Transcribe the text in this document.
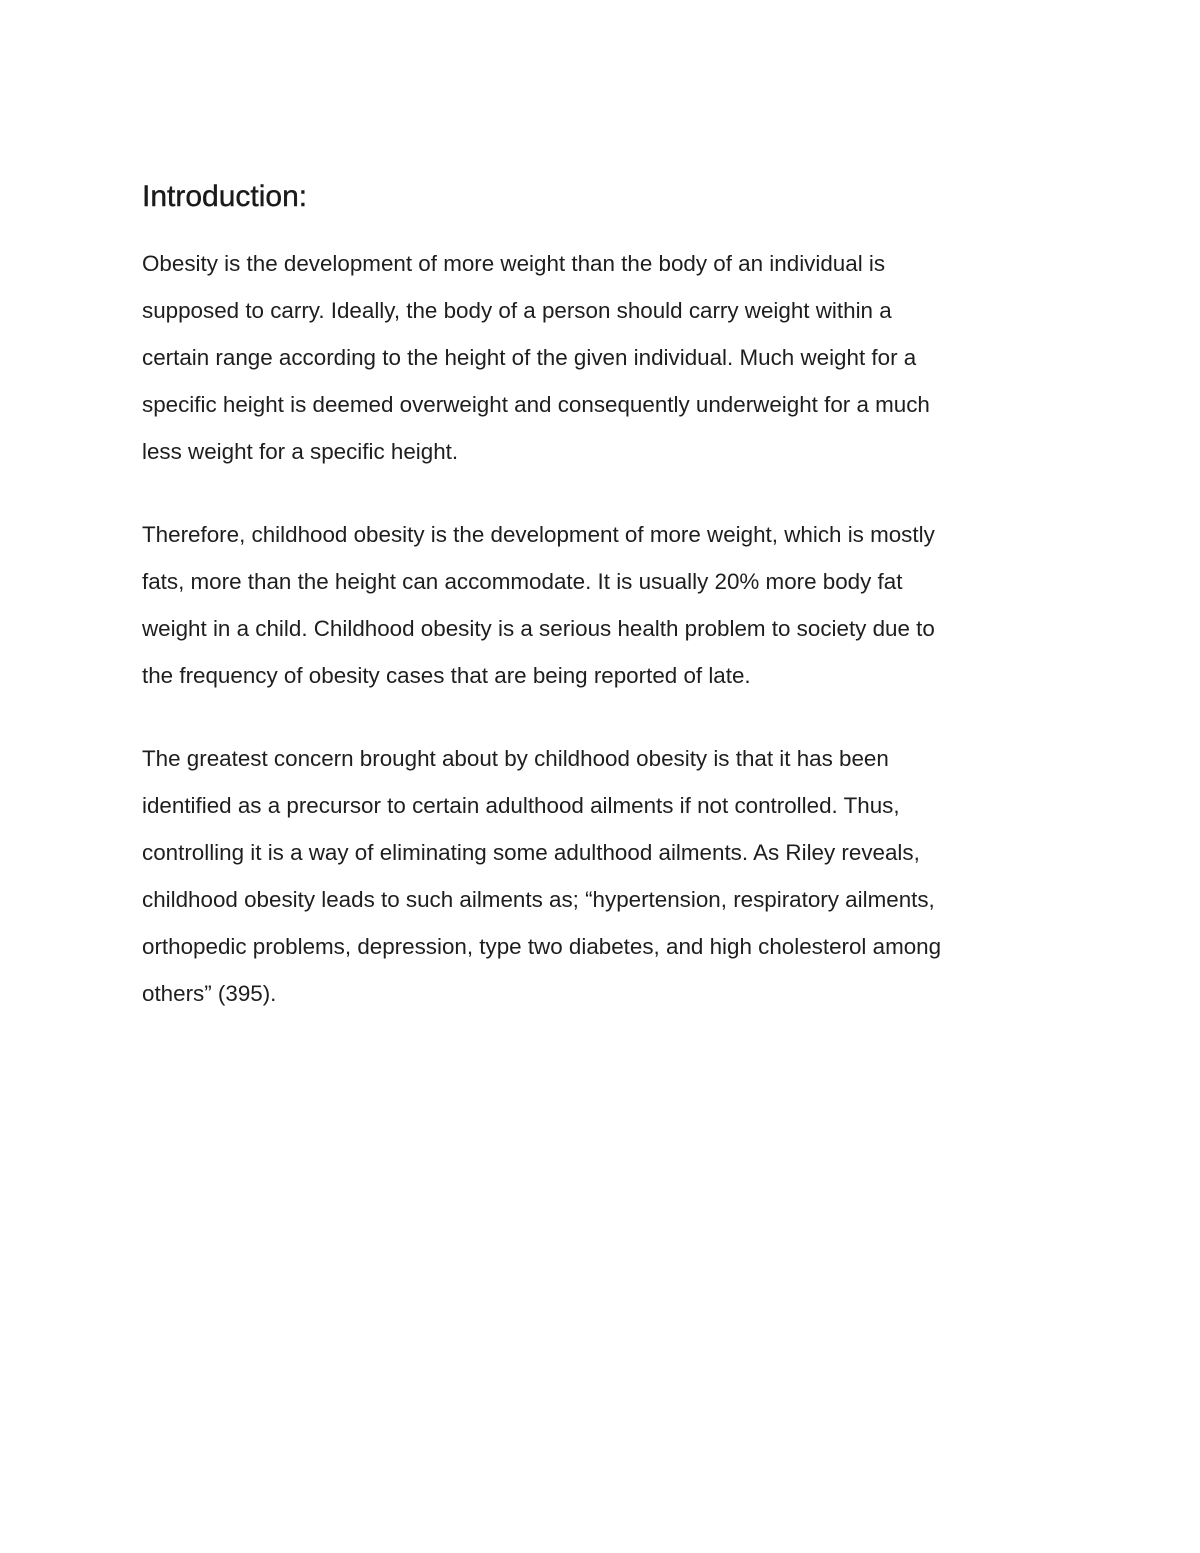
Introduction:

Obesity is the development of more weight than the body of an individual is
supposed to carry. Ideally, the body of a person should carry weight within a
certain range according to the height of the given individual. Much weight for a
specific height is deemed overweight and consequently underweight for a much
less weight for a specific height.

Therefore, childhood obesity is the development of more weight, which is mostly
fats, more than the height can accommodate. It is usually 20% more body fat
weight in a child. Childhood obesity is a serious health problem to society due to
the frequency of obesity cases that are being reported of late.

The greatest concern brought about by childhood obesity is that it has been
identified as a precursor to certain adulthood ailments if not controlled. Thus,
controlling it is a way of eliminating some adulthood ailments. As Riley reveals,
childhood obesity leads to such ailments as; “hypertension, respiratory ailments,
orthopedic problems, depression, type two diabetes, and high cholesterol among
others” (395).
